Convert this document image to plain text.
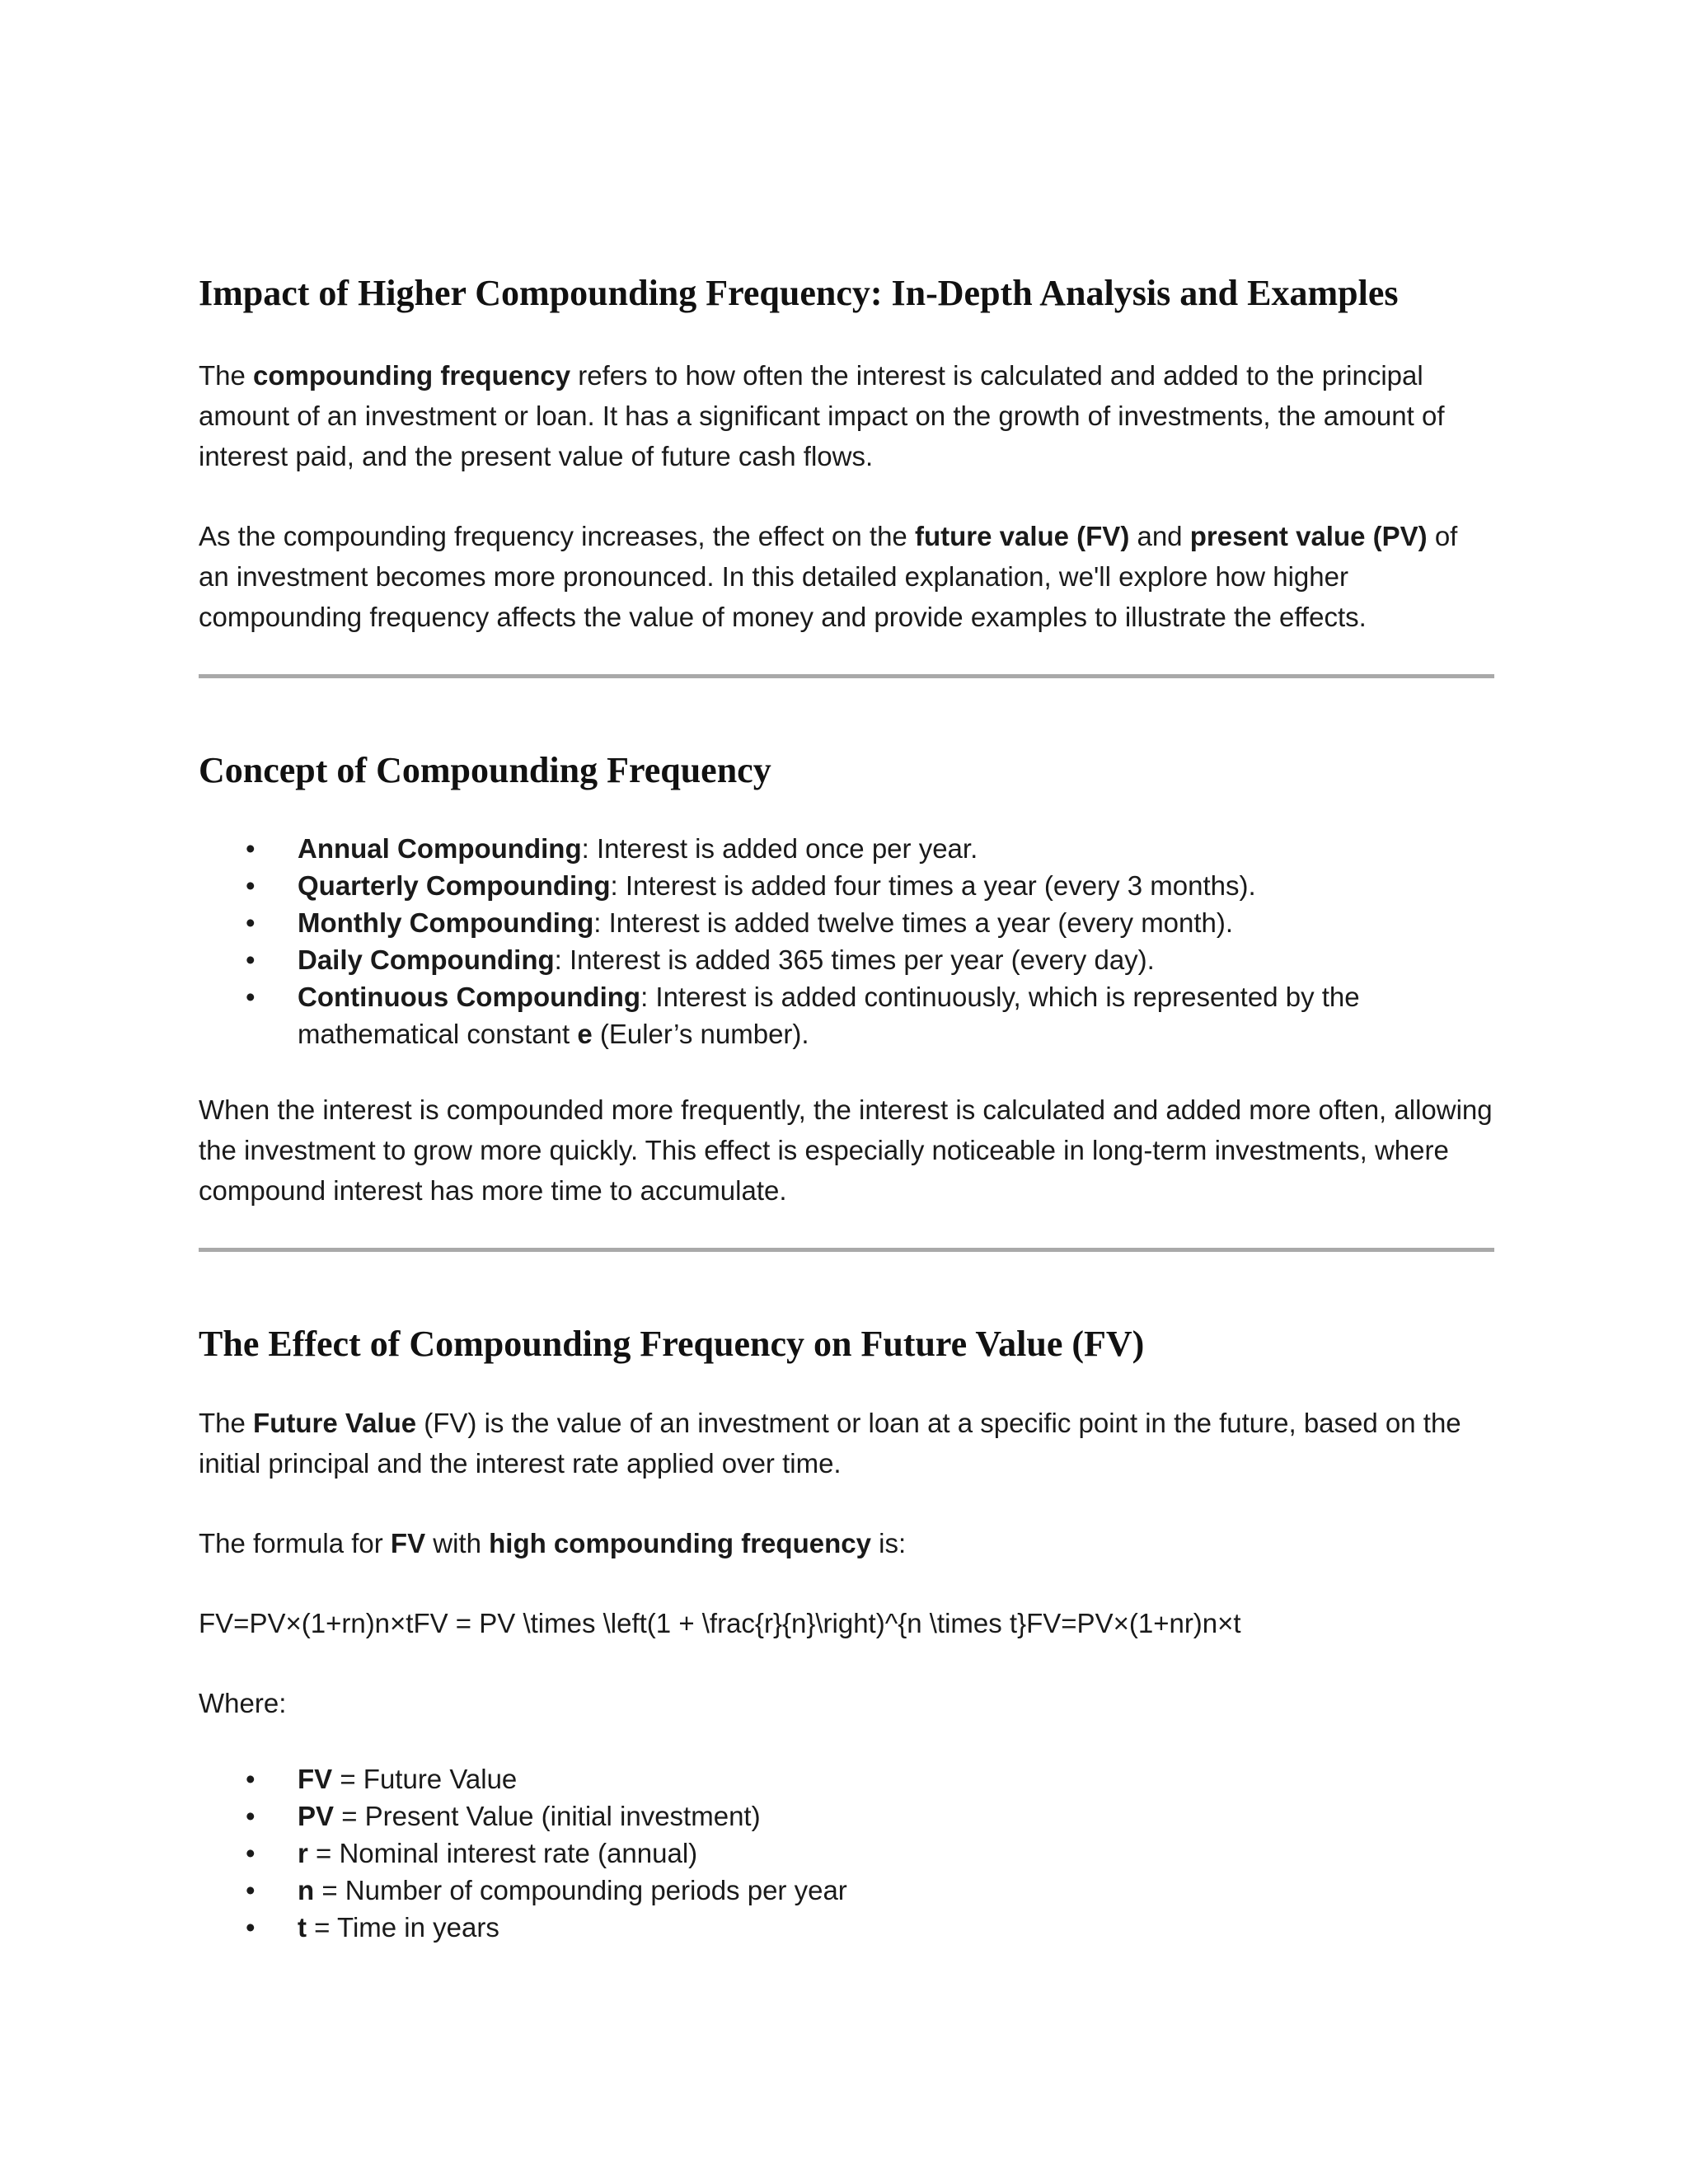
Impact of Higher Compounding Frequency: In-Depth Analysis and Examples

The compounding frequency refers to how often the interest is calculated and added to the principal amount of an investment or loan. It has a significant impact on the growth of investments, the amount of interest paid, and the present value of future cash flows.

As the compounding frequency increases, the effect on the future value (FV) and present value (PV) of an investment becomes more pronounced. In this detailed explanation, we'll explore how higher compounding frequency affects the value of money and provide examples to illustrate the effects.

Concept of Compounding Frequency
• Annual Compounding: Interest is added once per year.
• Quarterly Compounding: Interest is added four times a year (every 3 months).
• Monthly Compounding: Interest is added twelve times a year (every month).
• Daily Compounding: Interest is added 365 times per year (every day).
• Continuous Compounding: Interest is added continuously, which is represented by the mathematical constant e (Euler’s number).

When the interest is compounded more frequently, the interest is calculated and added more often, allowing the investment to grow more quickly. This effect is especially noticeable in long-term investments, where compound interest has more time to accumulate.

The Effect of Compounding Frequency on Future Value (FV)

The Future Value (FV) is the value of an investment or loan at a specific point in the future, based on the initial principal and the interest rate applied over time.

The formula for FV with high compounding frequency is:

FV=PV×(1+rn)n×tFV = PV \times \left(1 + \frac{r}{n}\right)^{n \times t}FV=PV×(1+nr)n×t

Where:

• FV = Future Value
• PV = Present Value (initial investment)
• r = Nominal interest rate (annual)
• n = Number of compounding periods per year
• t = Time in years
